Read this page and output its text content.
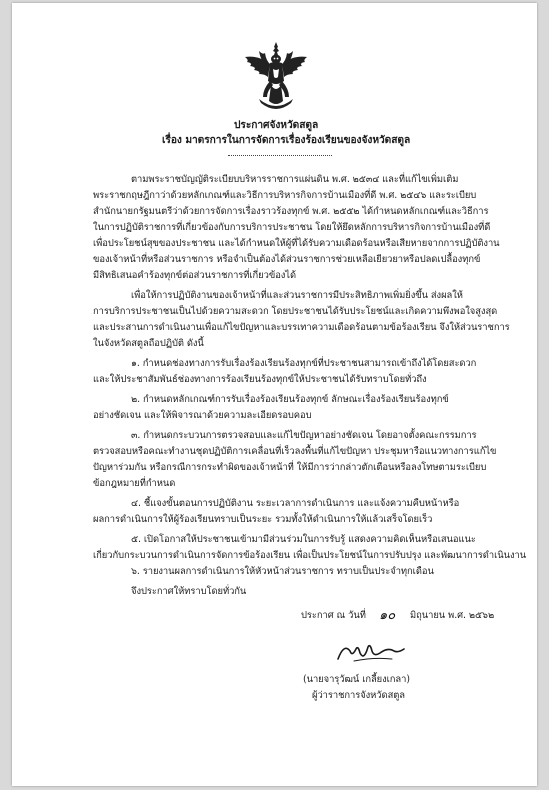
ประกาศจังหวัดสตูล
เรื่อง มาตรการในการจัดการเรื่องร้องเรียนของจังหวัดสตูล
ตามพระราชบัญญัติระเบียบบริหารราชการแผ่นดิน พ.ศ. ๒๕๓๔ และที่แก้ไขเพิ่มเติม
พระราชกฤษฎีกาว่าด้วยหลักเกณฑ์และวิธีการบริหารกิจการบ้านเมืองที่ดี พ.ศ. ๒๕๔๖ และระเบียบ
สำนักนายกรัฐมนตรีว่าด้วยการจัดการเรื่องราวร้องทุกข์ พ.ศ. ๒๕๕๒ ได้กำหนดหลักเกณฑ์และวิธีการ
ในการปฏิบัติราชการที่เกี่ยวข้องกับการบริการประชาชน โดยให้ยึดหลักการบริหารกิจการบ้านเมืองที่ดี
เพื่อประโยชน์สุขของประชาชน และได้กำหนดให้ผู้ที่ได้รับความเดือดร้อนหรือเสียหายจากการปฏิบัติงาน
ของเจ้าหน้าที่หรือส่วนราชการ หรือจำเป็นต้องได้ส่วนราชการช่วยเหลือเยียวยาหรือปลดเปลื้องทุกข์
มีสิทธิเสนอคำร้องทุกข์ต่อส่วนราชการที่เกี่ยวข้องได้
เพื่อให้การปฏิบัติงานของเจ้าหน้าที่และส่วนราชการมีประสิทธิภาพเพิ่มยิ่งขึ้น ส่งผลให้
การบริการประชาชนเป็นไปด้วยความสะดวก โดยประชาชนได้รับประโยชน์และเกิดความพึงพอใจสูงสุด
และประสานการดำเนินงานเพื่อแก้ไขปัญหาและบรรเทาความเดือดร้อนตามข้อร้องเรียน จึงให้ส่วนราชการ
ในจังหวัดสตูลถือปฏิบัติ ดังนี้
๑. กำหนดช่องทางการรับเรื่องร้องเรียนร้องทุกข์ที่ประชาชนสามารถเข้าถึงได้โดยสะดวก
และให้ประชาสัมพันธ์ช่องทางการร้องเรียนร้องทุกข์ให้ประชาชนได้รับทราบโดยทั่วถึง
๒. กำหนดหลักเกณฑ์การรับเรื่องร้องเรียนร้องทุกข์ ลักษณะเรื่องร้องเรียนร้องทุกข์
อย่างชัดเจน และให้พิจารณาด้วยความละเอียดรอบคอบ
๓. กำหนดกระบวนการตรวจสอบและแก้ไขปัญหาอย่างชัดเจน โดยอาจตั้งคณะกรรมการ
ตรวจสอบหรือคณะทำงานชุดปฏิบัติการเคลื่อนที่เร็วลงพื้นที่แก้ไขปัญหา ประชุมหารือแนวทางการแก้ไข
ปัญหาร่วมกัน หรือกรณีการกระทำผิดของเจ้าหน้าที่ ให้มีการว่ากล่าวตักเตือนหรือลงโทษตามระเบียบ
ข้อกฎหมายที่กำหนด
๔. ชี้แจงขั้นตอนการปฏิบัติงาน ระยะเวลาการดำเนินการ และแจ้งความคืบหน้าหรือ
ผลการดำเนินการให้ผู้ร้องเรียนทราบเป็นระยะ รวมทั้งให้ดำเนินการให้แล้วเสร็จโดยเร็ว
๕. เปิดโอกาสให้ประชาชนเข้ามามีส่วนร่วมในการรับรู้ แสดงความคิดเห็นหรือเสนอแนะ
เกี่ยวกับกระบวนการดำเนินการจัดการข้อร้องเรียน เพื่อเป็นประโยชน์ในการปรับปรุง และพัฒนาการดำเนินงาน
๖. รายงานผลการดำเนินการให้หัวหน้าส่วนราชการ ทราบเป็นประจำทุกเดือน
จึงประกาศให้ทราบโดยทั่วกัน
ประกาศ ณ วันที่ ๑๐ มิถุนายน พ.ศ. ๒๕๖๒
(นายจารุวัฒน์ เกลี้ยงเกลา)
ผู้ว่าราชการจังหวัดสตูล
